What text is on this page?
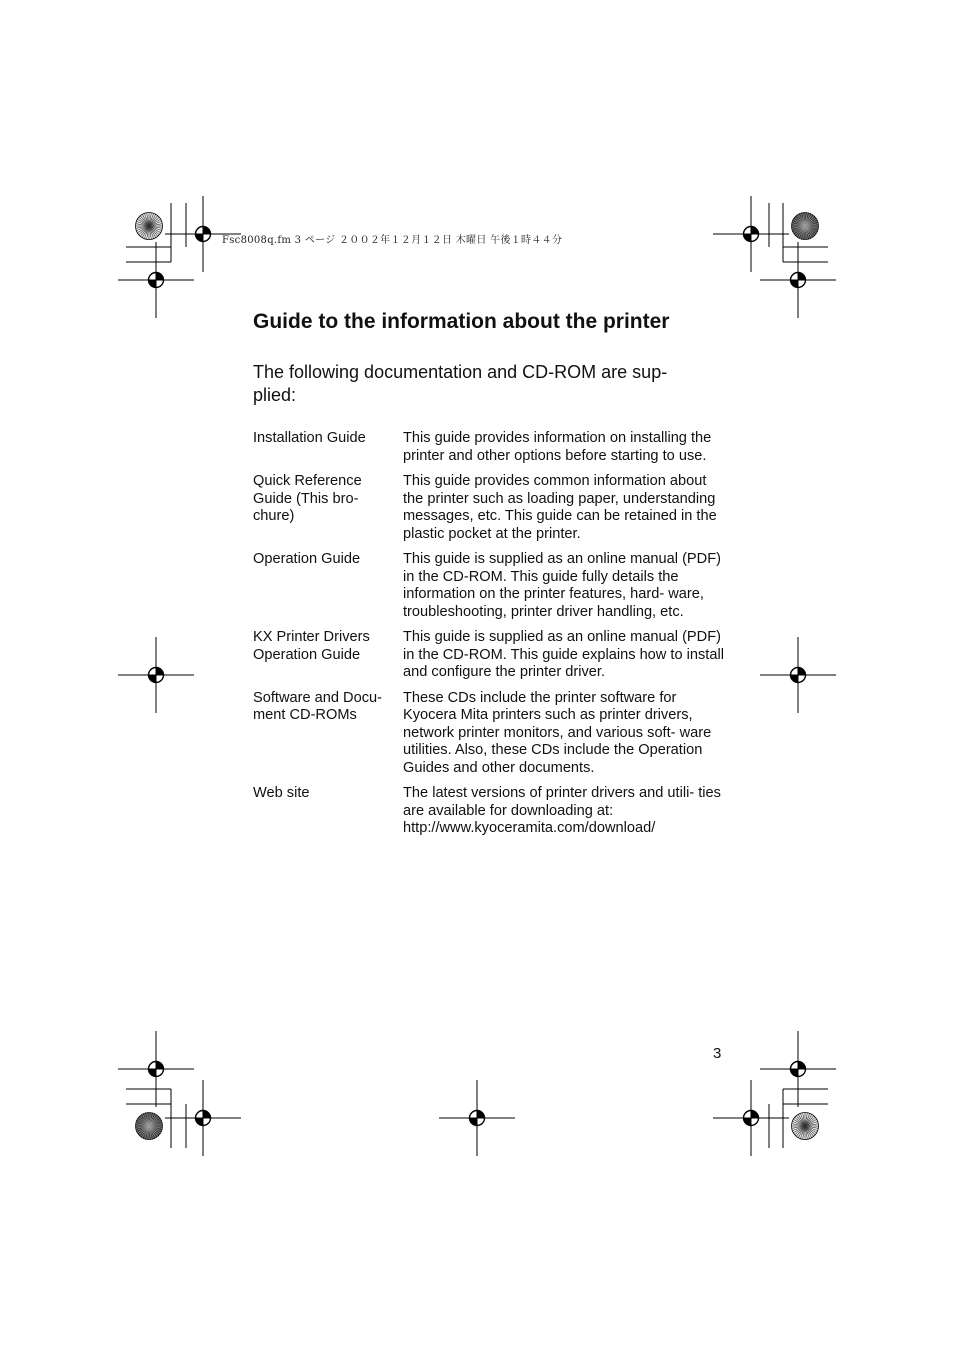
Fsc8008q.fm 3 ページ ２００２年１２月１２日 木曜日 午後１時４４分
Guide to the information about the printer

The following documentation and CD-ROM are sup- plied:

Installation Guide	This guide provides information on installing the printer and other options before starting to use.
Quick Reference Guide (This bro- chure)	This guide provides common information about the printer such as loading paper, understanding messages, etc. This guide can be retained in the plastic pocket at the printer.
Operation Guide	This guide is supplied as an online manual (PDF) in the CD-ROM. This guide fully details the information on the printer features, hard- ware, troubleshooting, printer driver handling, etc.
KX Printer Drivers Operation Guide	This guide is supplied as an online manual (PDF) in the CD-ROM. This guide explains how to install and configure the printer driver.
Software and Docu- ment CD-ROMs	These CDs include the printer software for Kyocera Mita printers such as printer drivers, network printer monitors, and various soft- ware utilities. Also, these CDs include the Operation Guides and other documents.
Web site	The latest versions of printer drivers and utili- ties are available for downloading at: http://www.kyoceramita.com/download/
3
